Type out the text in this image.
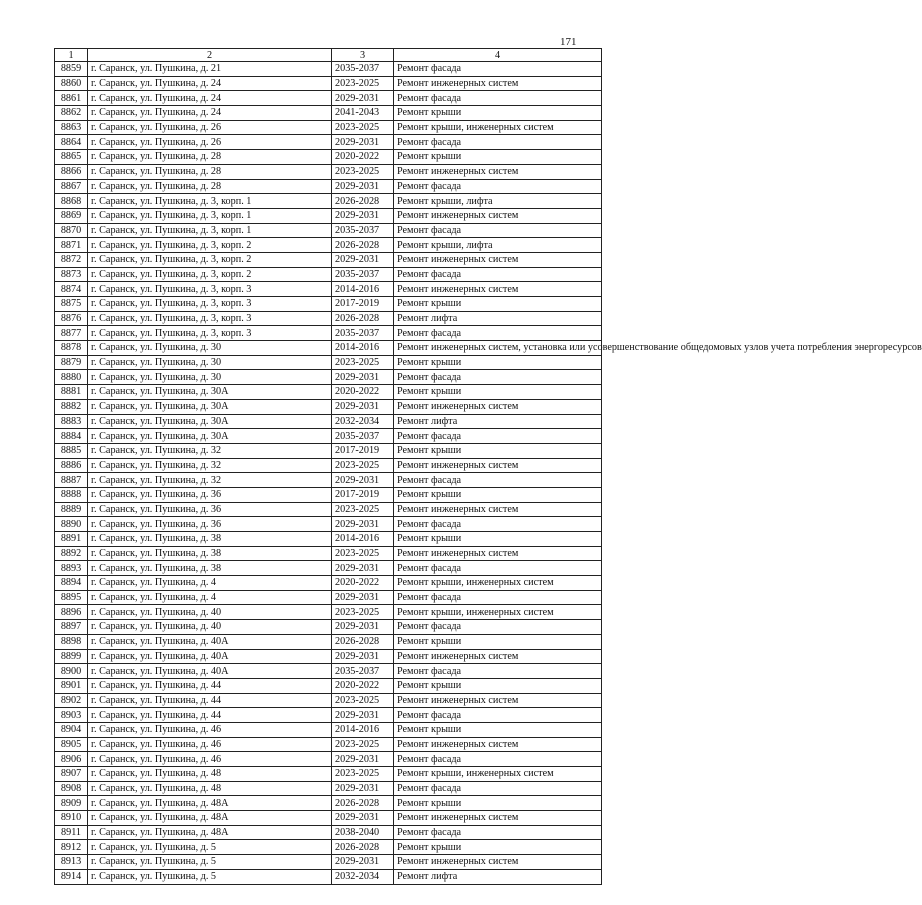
171
1	2	3	4
8859	г. Саранск, ул. Пушкина, д. 21	2035-2037	Ремонт фасада
8860	г. Саранск, ул. Пушкина, д. 24	2023-2025	Ремонт инженерных систем
8861	г. Саранск, ул. Пушкина, д. 24	2029-2031	Ремонт фасада
8862	г. Саранск, ул. Пушкина, д. 24	2041-2043	Ремонт крыши
8863	г. Саранск, ул. Пушкина, д. 26	2023-2025	Ремонт крыши, инженерных систем
8864	г. Саранск, ул. Пушкина, д. 26	2029-2031	Ремонт фасада
8865	г. Саранск, ул. Пушкина, д. 28	2020-2022	Ремонт крыши
8866	г. Саранск, ул. Пушкина, д. 28	2023-2025	Ремонт инженерных систем
8867	г. Саранск, ул. Пушкина, д. 28	2029-2031	Ремонт фасада
8868	г. Саранск, ул. Пушкина, д. 3, корп. 1	2026-2028	Ремонт крыши, лифта
8869	г. Саранск, ул. Пушкина, д. 3, корп. 1	2029-2031	Ремонт инженерных систем
8870	г. Саранск, ул. Пушкина, д. 3, корп. 1	2035-2037	Ремонт фасада
8871	г. Саранск, ул. Пушкина, д. 3, корп. 2	2026-2028	Ремонт крыши, лифта
8872	г. Саранск, ул. Пушкина, д. 3, корп. 2	2029-2031	Ремонт инженерных систем
8873	г. Саранск, ул. Пушкина, д. 3, корп. 2	2035-2037	Ремонт фасада
8874	г. Саранск, ул. Пушкина, д. 3, корп. 3	2014-2016	Ремонт инженерных систем
8875	г. Саранск, ул. Пушкина, д. 3, корп. 3	2017-2019	Ремонт крыши
8876	г. Саранск, ул. Пушкина, д. 3, корп. 3	2026-2028	Ремонт лифта
8877	г. Саранск, ул. Пушкина, д. 3, корп. 3	2035-2037	Ремонт фасада
8878	г. Саранск, ул. Пушкина, д. 30	2014-2016	Ремонт инженерных систем, установка или усовершенствование общедомовых узлов учета потребления энергоресурсов
8879	г. Саранск, ул. Пушкина, д. 30	2023-2025	Ремонт крыши
8880	г. Саранск, ул. Пушкина, д. 30	2029-2031	Ремонт фасада
8881	г. Саранск, ул. Пушкина, д. 30А	2020-2022	Ремонт крыши
8882	г. Саранск, ул. Пушкина, д. 30А	2029-2031	Ремонт инженерных систем
8883	г. Саранск, ул. Пушкина, д. 30А	2032-2034	Ремонт лифта
8884	г. Саранск, ул. Пушкина, д. 30А	2035-2037	Ремонт фасада
8885	г. Саранск, ул. Пушкина, д. 32	2017-2019	Ремонт крыши
8886	г. Саранск, ул. Пушкина, д. 32	2023-2025	Ремонт инженерных систем
8887	г. Саранск, ул. Пушкина, д. 32	2029-2031	Ремонт фасада
8888	г. Саранск, ул. Пушкина, д. 36	2017-2019	Ремонт крыши
8889	г. Саранск, ул. Пушкина, д. 36	2023-2025	Ремонт инженерных систем
8890	г. Саранск, ул. Пушкина, д. 36	2029-2031	Ремонт фасада
8891	г. Саранск, ул. Пушкина, д. 38	2014-2016	Ремонт крыши
8892	г. Саранск, ул. Пушкина, д. 38	2023-2025	Ремонт инженерных систем
8893	г. Саранск, ул. Пушкина, д. 38	2029-2031	Ремонт фасада
8894	г. Саранск, ул. Пушкина, д. 4	2020-2022	Ремонт крыши, инженерных систем
8895	г. Саранск, ул. Пушкина, д. 4	2029-2031	Ремонт фасада
8896	г. Саранск, ул. Пушкина, д. 40	2023-2025	Ремонт крыши, инженерных систем
8897	г. Саранск, ул. Пушкина, д. 40	2029-2031	Ремонт фасада
8898	г. Саранск, ул. Пушкина, д. 40А	2026-2028	Ремонт крыши
8899	г. Саранск, ул. Пушкина, д. 40А	2029-2031	Ремонт инженерных систем
8900	г. Саранск, ул. Пушкина, д. 40А	2035-2037	Ремонт фасада
8901	г. Саранск, ул. Пушкина, д. 44	2020-2022	Ремонт крыши
8902	г. Саранск, ул. Пушкина, д. 44	2023-2025	Ремонт инженерных систем
8903	г. Саранск, ул. Пушкина, д. 44	2029-2031	Ремонт фасада
8904	г. Саранск, ул. Пушкина, д. 46	2014-2016	Ремонт крыши
8905	г. Саранск, ул. Пушкина, д. 46	2023-2025	Ремонт инженерных систем
8906	г. Саранск, ул. Пушкина, д. 46	2029-2031	Ремонт фасада
8907	г. Саранск, ул. Пушкина, д. 48	2023-2025	Ремонт крыши, инженерных систем
8908	г. Саранск, ул. Пушкина, д. 48	2029-2031	Ремонт фасада
8909	г. Саранск, ул. Пушкина, д. 48А	2026-2028	Ремонт крыши
8910	г. Саранск, ул. Пушкина, д. 48А	2029-2031	Ремонт инженерных систем
8911	г. Саранск, ул. Пушкина, д. 48А	2038-2040	Ремонт фасада
8912	г. Саранск, ул. Пушкина, д. 5	2026-2028	Ремонт крыши
8913	г. Саранск, ул. Пушкина, д. 5	2029-2031	Ремонт инженерных систем
8914	г. Саранск, ул. Пушкина, д. 5	2032-2034	Ремонт лифта
